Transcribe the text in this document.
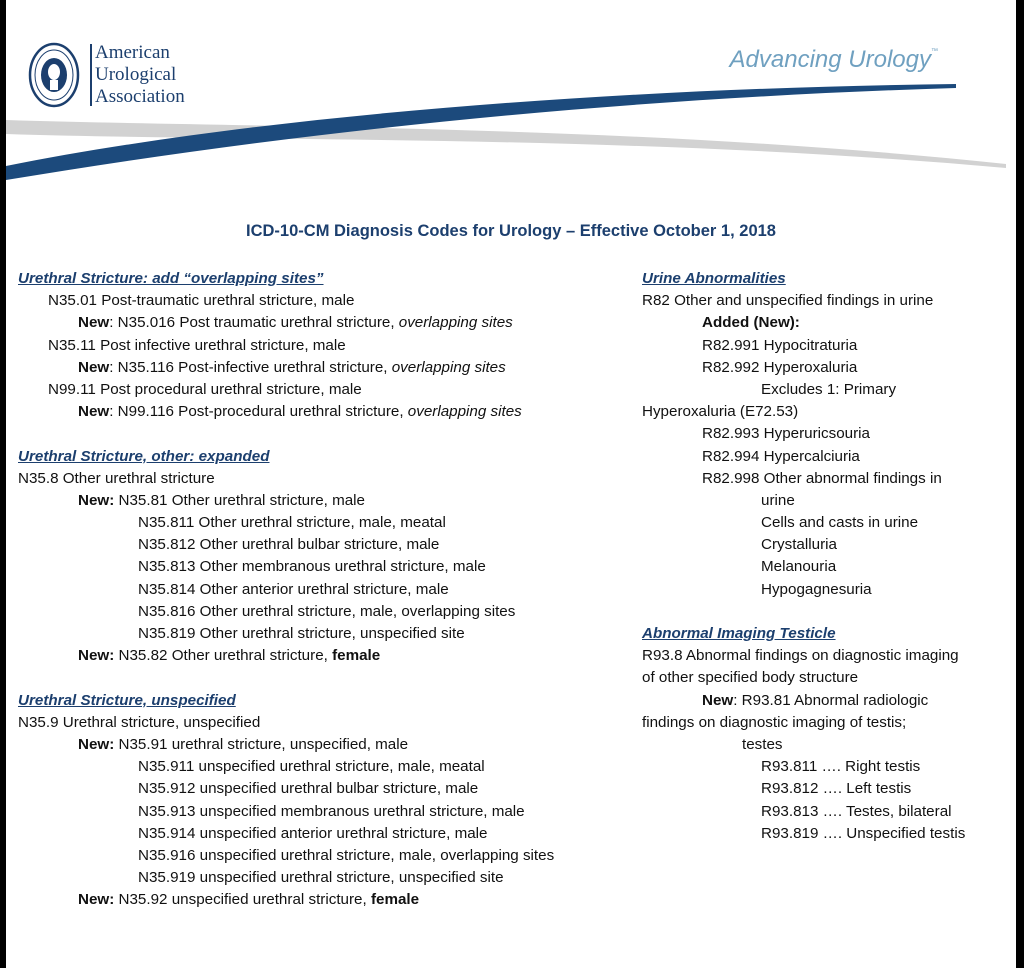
American
Urological
Association
Advancing Urology™
ICD-10-CM Diagnosis Codes for Urology – Effective October 1, 2018
Urethral Stricture: add “overlapping sites”
N35.01 Post-traumatic urethral stricture, male
New: N35.016 Post traumatic urethral stricture, overlapping sites
N35.11 Post infective urethral stricture, male
New: N35.116 Post-infective urethral stricture, overlapping sites
N99.11 Post procedural urethral stricture, male
New: N99.116 Post-procedural urethral stricture, overlapping sites
Urethral Stricture, other: expanded
N35.8 Other urethral stricture
New: N35.81 Other urethral stricture, male
N35.811 Other urethral stricture, male, meatal
N35.812 Other urethral bulbar stricture, male
N35.813 Other membranous urethral stricture, male
N35.814 Other anterior urethral stricture, male
N35.816 Other urethral stricture, male, overlapping sites
N35.819 Other urethral stricture, unspecified site
New: N35.82 Other urethral stricture, female
Urethral Stricture, unspecified
N35.9 Urethral stricture, unspecified
New: N35.91 urethral stricture, unspecified, male
N35.911 unspecified urethral stricture, male, meatal
N35.912 unspecified urethral bulbar stricture, male
N35.913 unspecified membranous urethral stricture, male
N35.914 unspecified anterior urethral stricture, male
N35.916 unspecified urethral stricture, male, overlapping sites
N35.919 unspecified urethral stricture, unspecified site
New: N35.92 unspecified urethral stricture, female
Urine Abnormalities
R82 Other and unspecified findings in urine
Added (New):
R82.991 Hypocitraturia
R82.992 Hyperoxaluria
Excludes 1: Primary
Hyperoxaluria (E72.53)
R82.993 Hyperuricsouria
R82.994 Hypercalciuria
R82.998 Other abnormal findings in
urine
Cells and casts in urine
Crystalluria
Melanouria
Hypogagnesuria
Abnormal Imaging Testicle
R93.8 Abnormal findings on diagnostic imaging
of other specified body structure
New: R93.81 Abnormal radiologic
findings on diagnostic imaging of testis;
testes
R93.811 …. Right testis
R93.812 …. Left testis
R93.813 …. Testes, bilateral
R93.819 …. Unspecified testis
